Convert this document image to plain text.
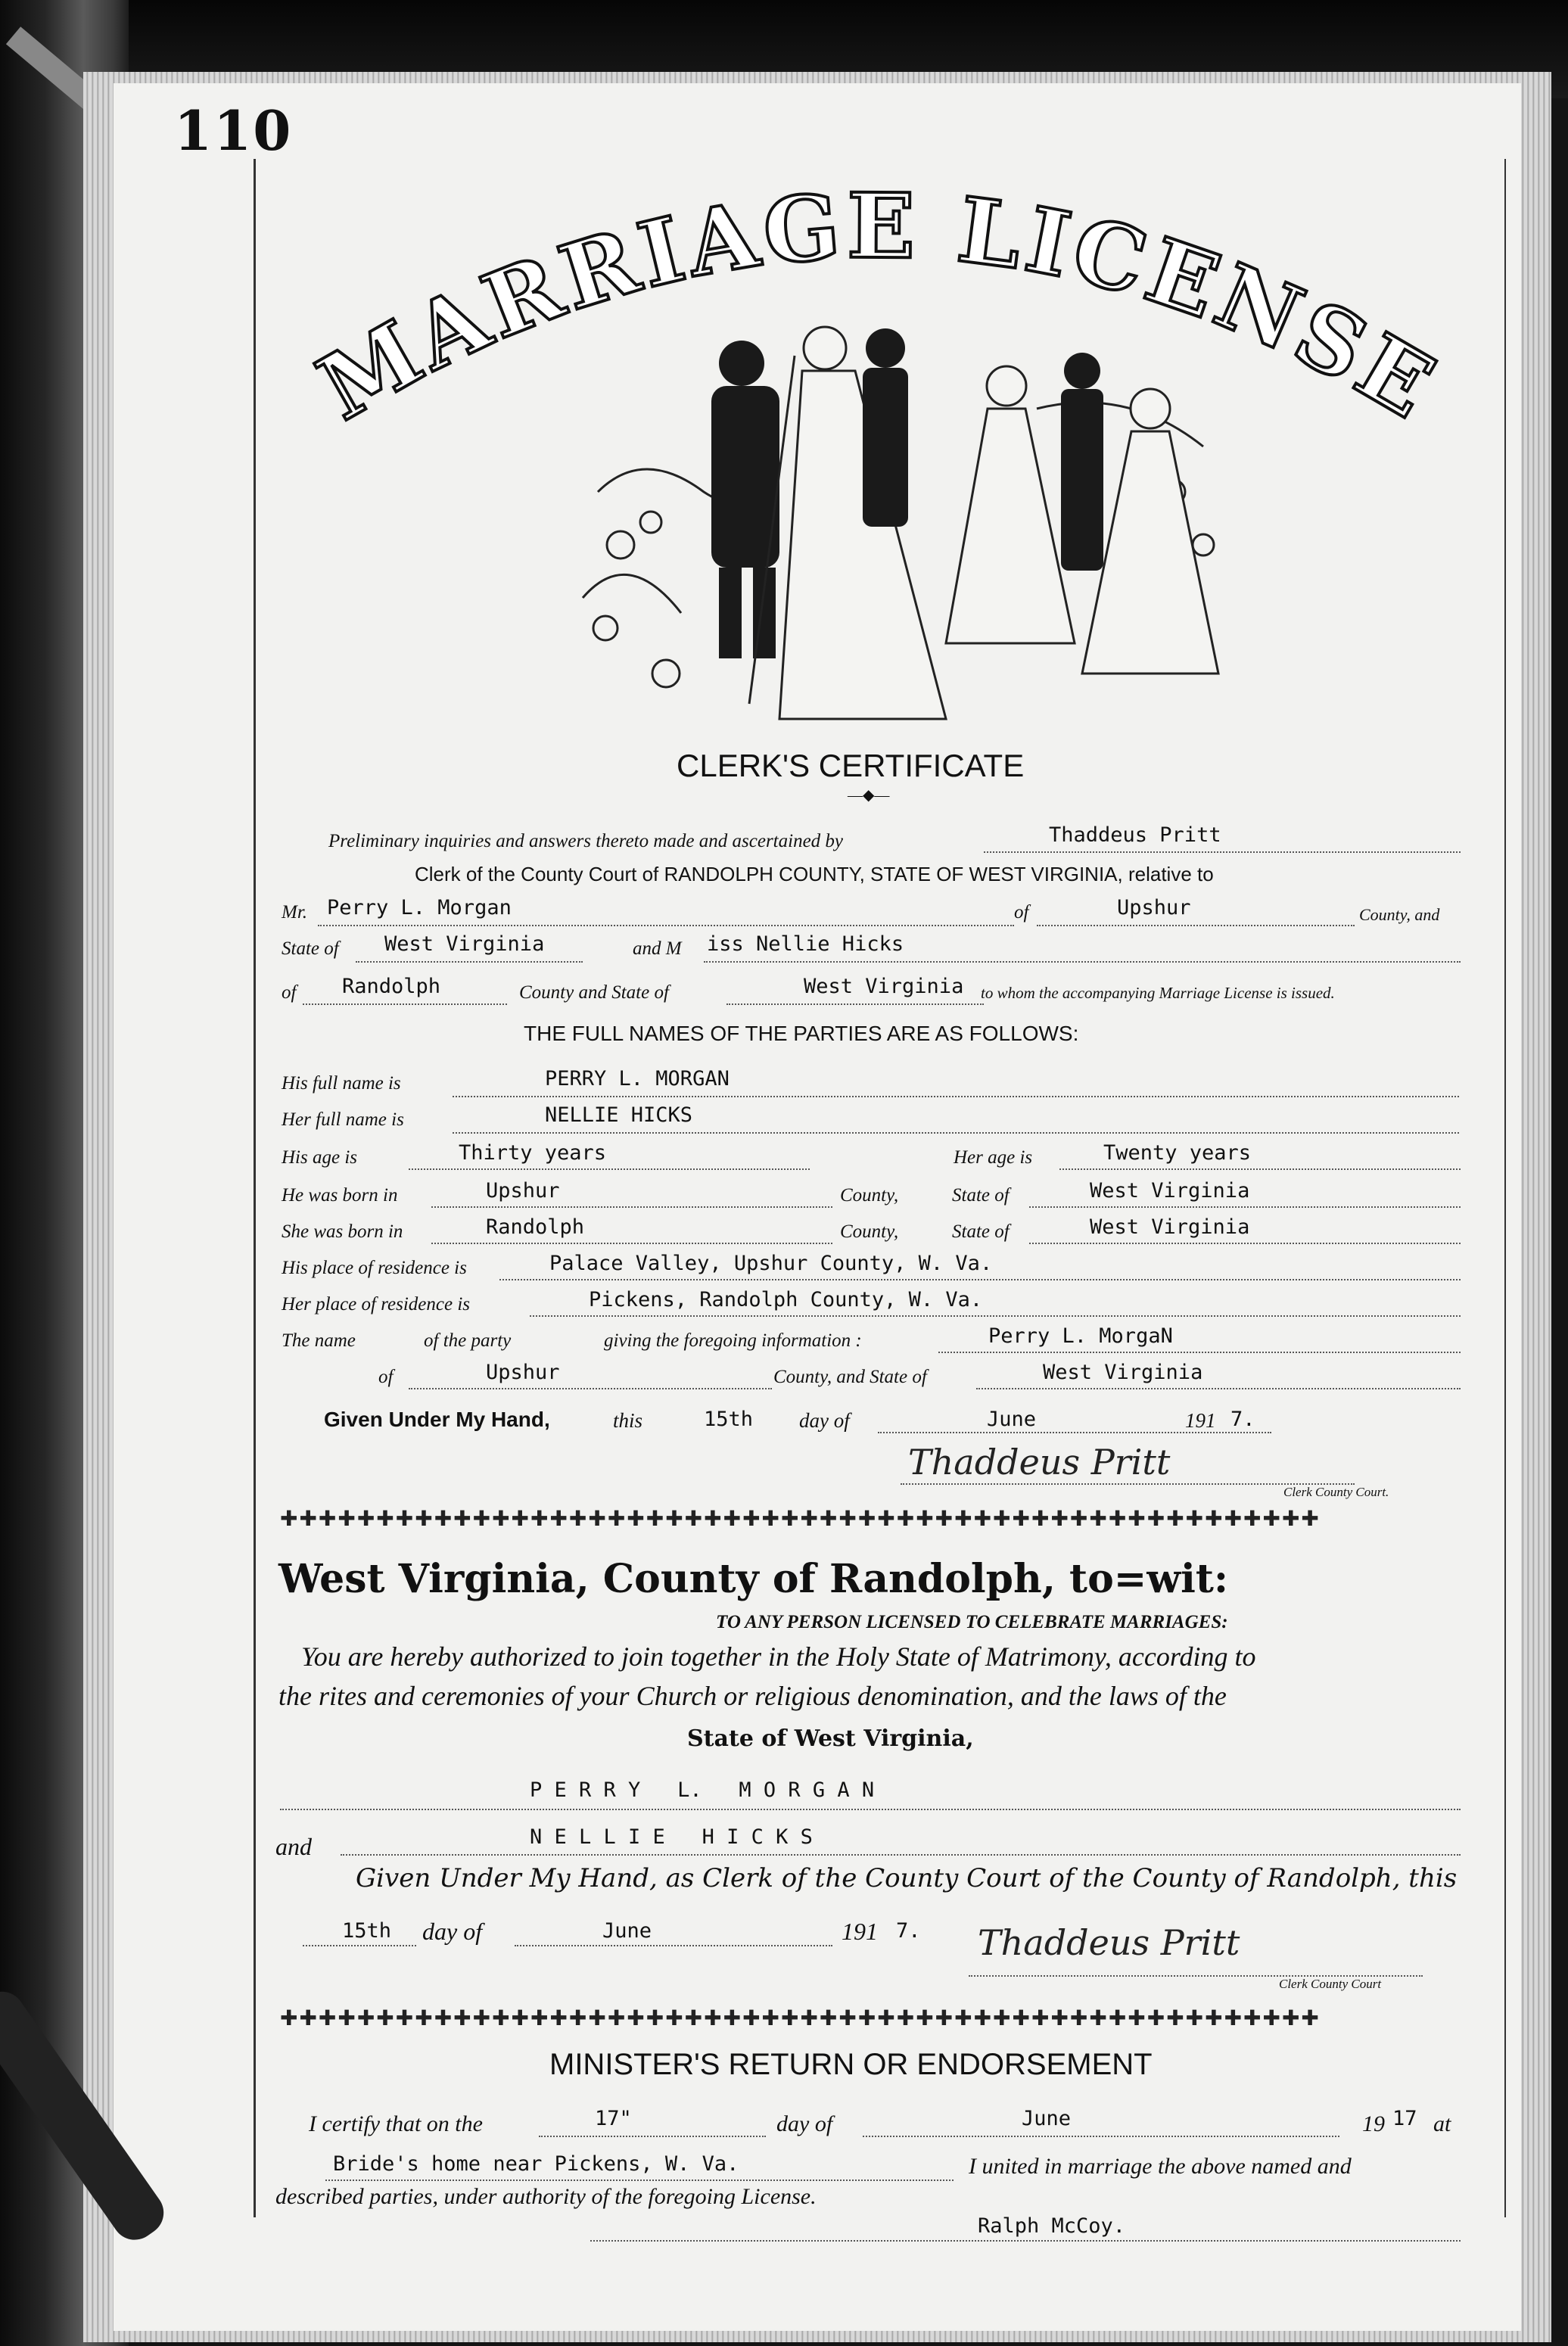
110
MARRIAGE LICENSE
CLERK'S CERTIFICATE
—◆—
Preliminary inquiries and answers thereto made and ascertained by	Thaddeus Pritt
Clerk of the County Court of RANDOLPH COUNTY, STATE OF WEST VIRGINIA, relative to
Mr. Perry L. Morgan	of	Upshur	County, and
State of West Virginia	and M iss Nellie Hicks
of Randolph	County and State of	West Virginia to whom the accompanying Marriage License is issued.
THE FULL NAMES OF THE PARTIES ARE AS FOLLOWS:
His full name is	PERRY L. MORGAN
Her full name is	NELLIE HICKS
His age is	Thirty years	Her age is	Twenty years
He was born in	Upshur	County,	State of	West Virginia
She was born in	Randolph	County,	State of	West Virginia
His place of residence is	Palace Valley, Upshur County, W. Va.
Her place of residence is	Pickens, Randolph County, W. Va.
The name	of the party	giving the foregoing information :	Perry L. MorgaN
of	Upshur	County, and State of	West Virginia
Given Under My Hand,	this	15th day of	June	191 7.
Thaddeus Pritt
Clerk County Court.
✚✚✚✚✚✚✚✚✚✚✚✚✚✚✚✚✚✚✚✚✚✚✚✚✚✚✚✚✚✚✚✚✚✚✚✚✚✚✚✚✚✚✚✚✚✚✚✚✚✚✚✚✚✚
West Virginia, County of Randolph, to=wit:
TO ANY PERSON LICENSED TO CELEBRATE MARRIAGES:
You are hereby authorized to join together in the Holy State of Matrimony, according to
the rites and ceremonies of your Church or religious denomination, and the laws of the
State of West Virginia,
P E R R Y   L.   M O R G A N
and	N E L L I E   H I C K S
Given Under My Hand, as Clerk of the County Court of the County of Randolph, this
15th day of	June	191 7. Thaddeus Pritt
Clerk County Court
✚✚✚✚✚✚✚✚✚✚✚✚✚✚✚✚✚✚✚✚✚✚✚✚✚✚✚✚✚✚✚✚✚✚✚✚✚✚✚✚✚✚✚✚✚✚✚✚✚✚✚✚✚✚
MINISTER'S RETURN OR ENDORSEMENT
I certify that on the	17"	day of	June	19 17 at
Bride's home near Pickens, W. Va.	I united in marriage the above named and
described parties, under authority of the foregoing License.
Ralph McCoy.
